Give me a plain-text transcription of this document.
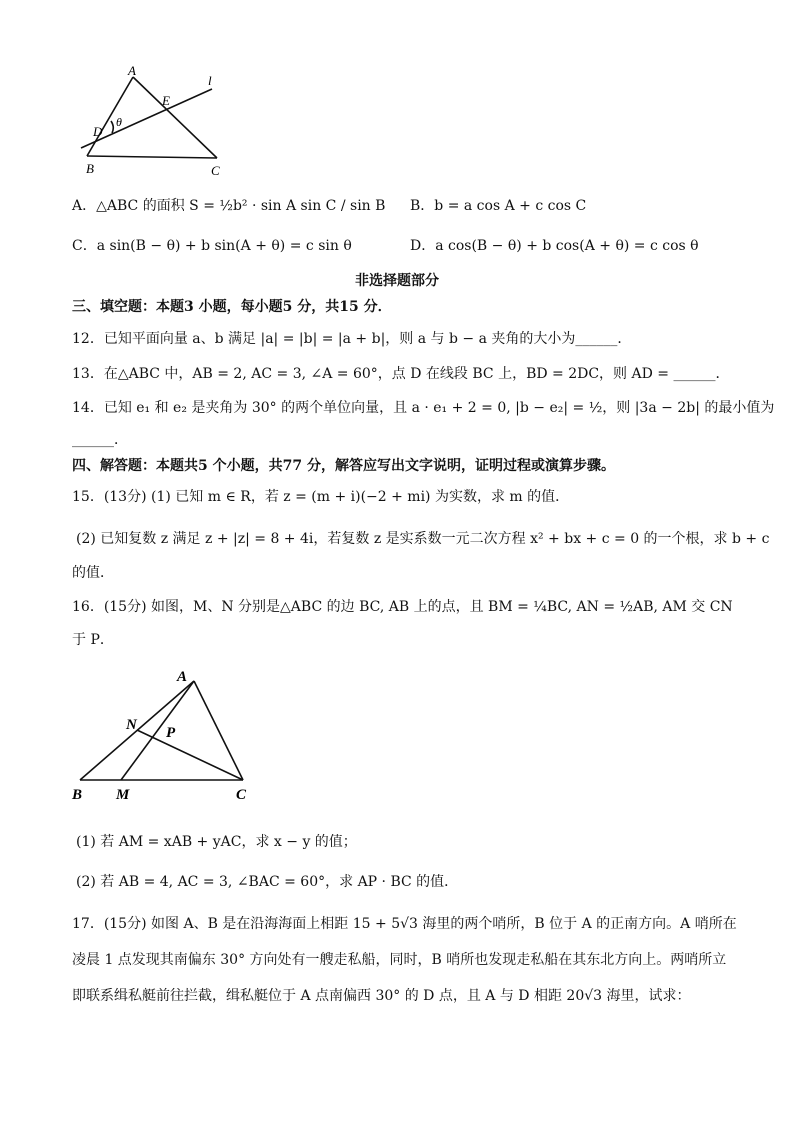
A
B	C
D
E
l
θ
A．△ABC 的面积 S = ½b² · sin A sin C / sin B B．b = a cos A + c cos C
C．a sin(B − θ) + b sin(A + θ) = c sin θ	D．a cos(B − θ) + b cos(A + θ) = c cos θ
非选择题部分
三、填空题：本题3 小题，每小题5 分，共15 分．
12．已知平面向量 a、b 满足 |a| = |b| = |a + b|，则 a 与 b − a 夹角的大小为______．
13．在△ABC 中，AB = 2, AC = 3, ∠A = 60°，点 D 在线段 BC 上，BD = 2DC，则 AD = ______．
14．已知 e₁ 和 e₂ 是夹角为 30° 的两个单位向量，且 a · e₁ + 2 = 0, |b − e₂| = ½，则 |3a − 2b| 的最小值为
______．
四、解答题：本题共5 个小题，共77 分，解答应写出文字说明，证明过程或演算步骤。
15．(13分) (1) 已知 m ∈ R，若 z = (m + i)(−2 + mi) 为实数，求 m 的值．
(2) 已知复数 z 满足 z + |z| = 8 + 4i，若复数 z 是实系数一元二次方程 x² + bx + c = 0 的一个根，求 b + c
的值．
16．(15分) 如图，M、N 分别是△ABC 的边 BC, AB 上的点，且 BM = ¼BC, AN = ½AB, AM 交 CN
于 P．
A
N P
B M	C
(1) 若 AM = xAB + yAC，求 x − y 的值；
(2) 若 AB = 4, AC = 3, ∠BAC = 60°，求 AP · BC 的值．
17．(15分) 如图 A、B 是在沿海海面上相距 15 + 5√3 海里的两个哨所，B 位于 A 的正南方向。A 哨所在
凌晨 1 点发现其南偏东 30° 方向处有一艘走私船，同时，B 哨所也发现走私船在其东北方向上。两哨所立
即联系缉私艇前往拦截，缉私艇位于 A 点南偏西 30° 的 D 点，且 A 与 D 相距 20√3 海里，试求：
